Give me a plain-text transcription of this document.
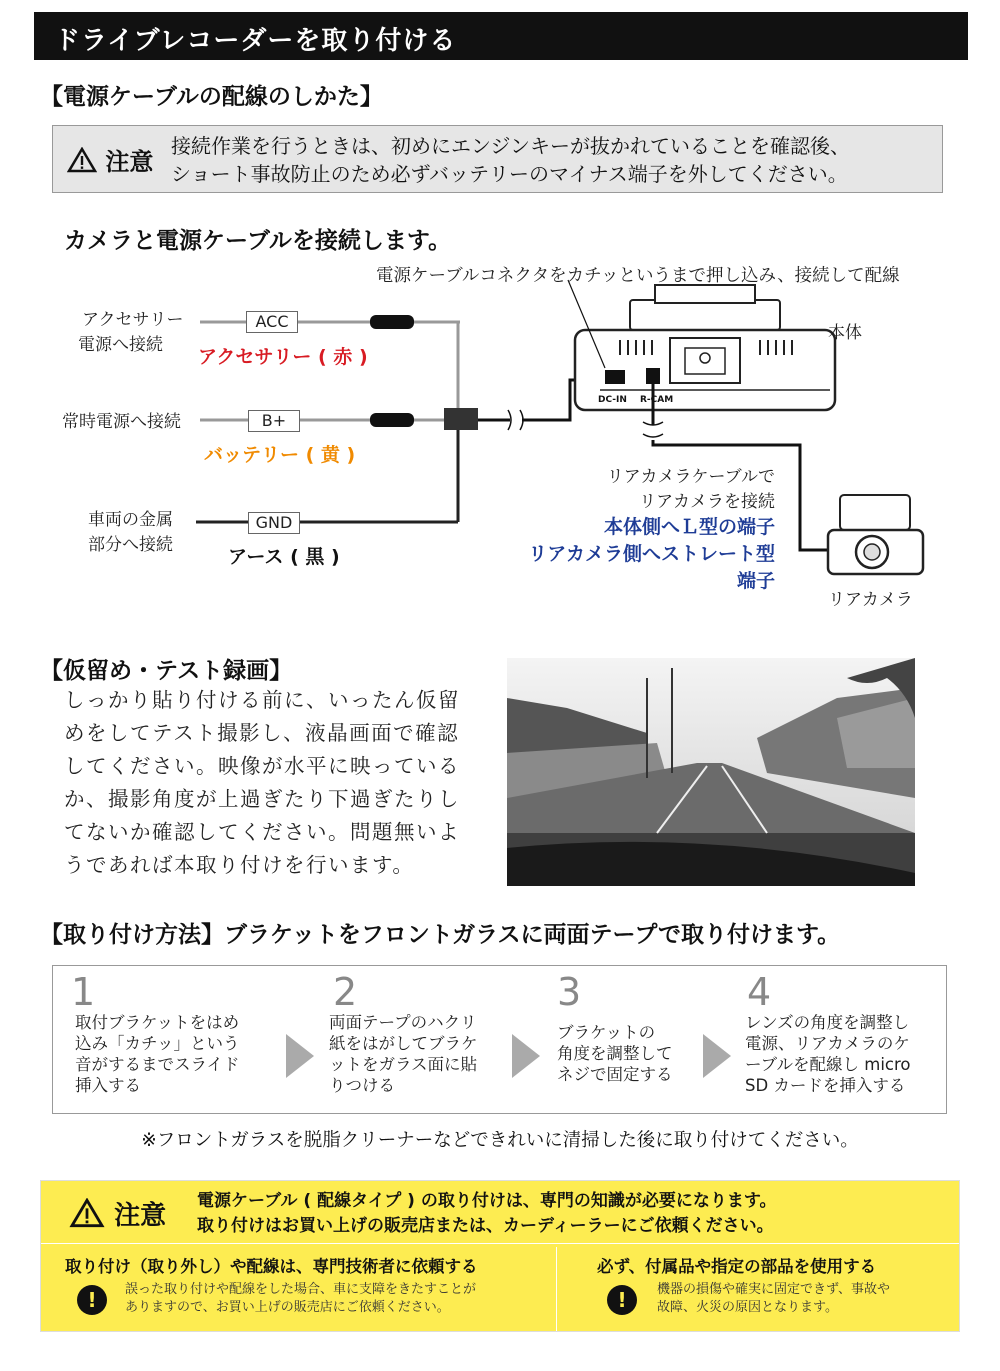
ドライブレコーダーを取り付ける
【電源ケーブルの配線のしかた】
注意
接続作業を行うときは、初めにエンジンキーが抜かれていることを確認後、
ショート事故防止のため必ずバッテリーのマイナス端子を外してください。
カメラと電源ケーブルを接続します。
DC-IN R-CAM
電源ケーブルコネクタをカチッというまで押し込み、接続して配線
本体
アクセサリー
電源へ接続
ACC
アクセサリー ( 赤 )
常時電源へ接続	B+
バッテリー ( 黄 )
車両の金属
部分へ接続
GND
アース ( 黒 )
リアカメラケーブルで
リアカメラを接続
本体側へＬ型の端子
リアカメラ側へストレート型端子
リアカメラ
【仮留め・テスト録画】
しっかり貼り付ける前に、いったん仮留
めをしてテスト撮影し、液晶画面で確認
してください。映像が水平に映っている
か、撮影角度が上過ぎたり下過ぎたりし
てないか確認してください。問題無いよ
うであれば本取り付けを行います。
【取り付け方法】ブラケットをフロントガラスに両面テープで取り付けます。
1
取付ブラケットをはめ
込み「カチッ」という
音がするまでスライド
挿入する
2
両面テープのハクリ
紙をはがしてブラケ
ットをガラス面に貼
りつける
3
ブラケットの
角度を調整して
ネジで固定する
4
レンズの角度を調整し
電源、リアカメラのケ
ーブルを配線し micro
SD カードを挿入する
※フロントガラスを脱脂クリーナーなどできれいに清掃した後に取り付けてください。
注意 電源ケーブル ( 配線タイプ ) の取り付けは、専門の知識が必要になります。
取り付けはお買い上げの販売店または、カーディーラーにご依頼ください。
取り付け（取り外し）や配線は、専門技術者に依頼する	必ず、付属品や指定の部品を使用する
!	誤った取り付けや配線をした場合、車に支障をきたすことが
ありますので、お買い上げの販売店にご依頼ください。	!	機器の損傷や確実に固定できず、事故や
故障、火災の原因となります。
